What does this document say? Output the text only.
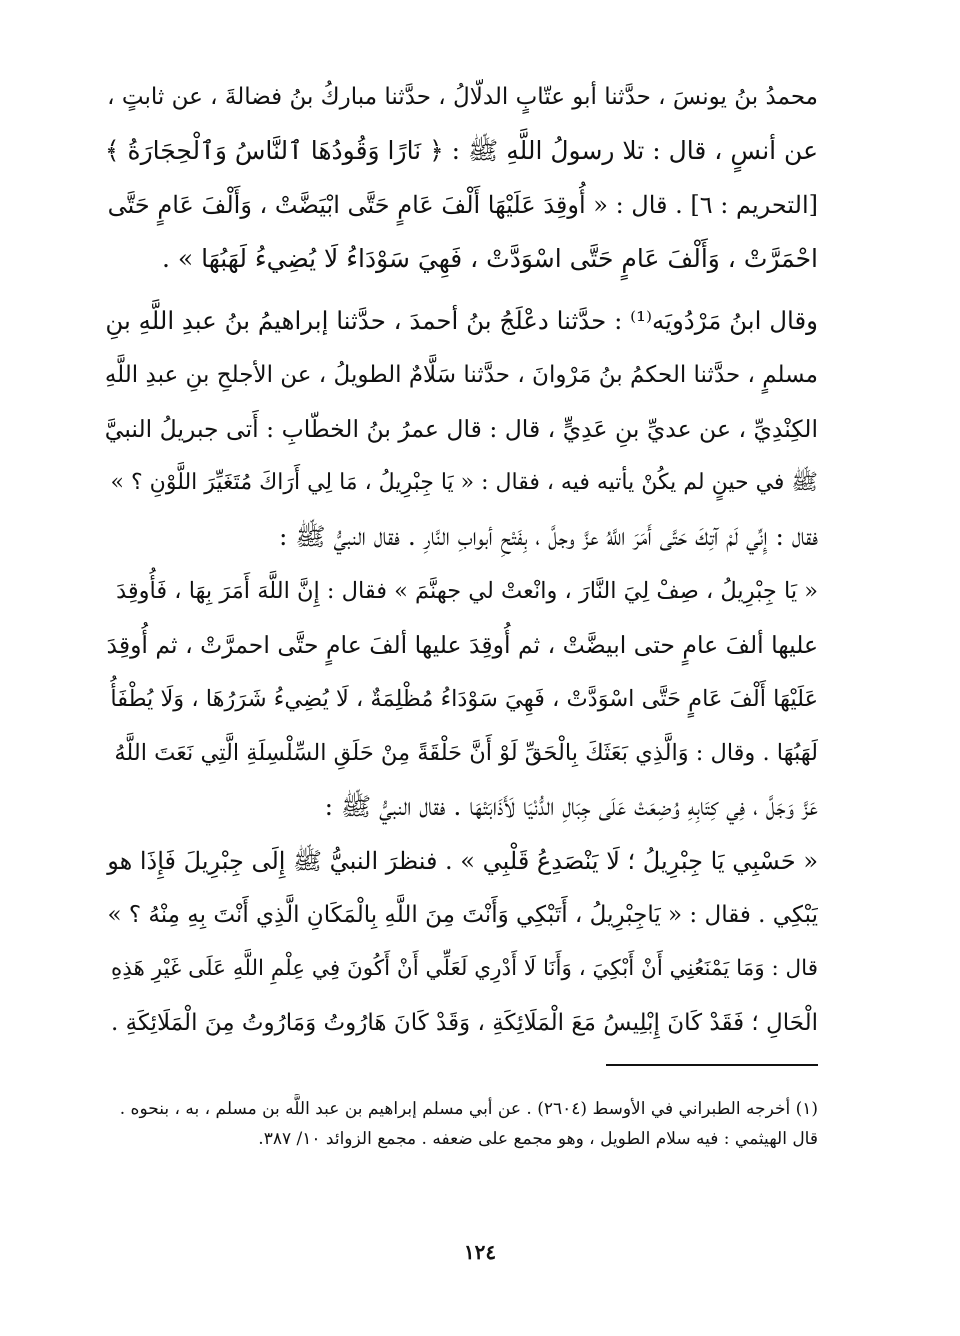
محمدُ بنُ يونسَ ، حدَّثنا أبو عتّابٍ الدلّالُ ، حدَّثنا مباركُ بنُ فضالةَ ، عن ثابتٍ ،
عن أنسٍ ، قال : تلا رسولُ اللَّهِ ﷺ : ﴿ نَارًا وَقُودُهَا ٱلنَّاسُ وَٱلْحِجَارَةُ ﴾
[التحريم : ٦] . قال : « أُوقِدَ عَلَيْهَا أَلْفَ عَامٍ حَتَّى ابْيَضَّتْ ، وَأَلْفَ عَامٍ حَتَّى
احْمَرَّتْ ، وَأَلْفَ عَامٍ حَتَّى اسْوَدَّتْ ، فَهِيَ سَوْدَاءُ لَا يُضِيءُ لَهَبُهَا » .
وقال ابنُ مَرْدُويَه⁽¹⁾ : حدَّثنا دعْلَجُ بنُ أحمدَ ، حدَّثنا إبراهيمُ بنُ عبدِ اللَّهِ بنِ
مسلمٍ ، حدَّثنا الحكمُ بنُ مَرْوانَ ، حدَّثنا سَلَّامٌ الطويلُ ، عن الأجلحِ بنِ عبدِ اللَّهِ
الكِنْدِيِّ ، عن عديِّ بنِ عَدِيٍّ ، قال : قال عمرُ بنُ الخطّابِ : أَتى جبريلُ النبيَّ
ﷺ في حينٍ لم يكُنْ يأتيه فيه ، فقال : « يَا جِبْرِيلُ ، مَا لِي أَرَاكَ مُتَغَيِّرَ اللَّوْنِ ؟ »
فقال : إِنِّي لَمْ آتِكَ حَتَّى أَمَرَ اللَّهُ عزَّ وجلَّ ، بِفَتْحِ أبوابِ النَّارِ . فقال النبيُّ ﷺ :
« يَا جِبْرِيلُ ، صِفْ لِيَ النَّارَ ، وانْعتْ لي جهنَّمَ » فقال : إِنَّ اللَّهَ أَمَرَ بِهَا ، فَأُوقِدَ
عليها ألفَ عامٍ حتى ابيضَّتْ ، ثم أُوقِدَ عليها ألفَ عامٍ حتَّى احمرَّتْ ، ثم أُوقِدَ
عَلَيْهَا أَلْفَ عَامٍ حَتَّى اسْوَدَّتْ ، فَهِيَ سَوْدَاءُ مُظْلِمَةٌ ، لَا يُضِيءُ شَرَرُهَا ، وَلَا يُطْفَأُ
لَهَبُهَا . وقال : وَالَّذِي بَعَثَكَ بِالْحَقِّ لَوْ أَنَّ حَلْقَةً مِنْ حَلَقِ السِّلْسِلَةِ الَّتِي نَعَتَ اللَّهُ
عَزَّ وَجَلَّ ، فِي كِتَابِهِ وُضِعَتْ عَلَى جِبَالِ الدُّنْيَا لَأَذَابَتْهَا . فقال النبيُّ ﷺ :
« حَسْبِي يَا جِبْرِيلُ ؛ لَا يَنْصَدِعُ قَلْبِي » . فنظرَ النبيُّ ﷺ إِلَى جِبْرِيلَ فَإِذَا هو
يَبْكِي . فقال : « يَاجِبْرِيلُ ، أَتَبْكِي وَأَنْتَ مِنَ اللَّهِ بِالْمَكَانِ الَّذِي أَنْتَ بِهِ مِنْهُ ؟ »
قال : وَمَا يَمْنَعُنِي أَنْ أَبْكِيَ ، وَأَنَا لَا أَدْرِي لَعَلِّي أَنْ أَكُونَ فِي عِلْمِ اللَّهِ عَلَى غَيْرِ هَذِهِ
الْحَالِ ؛ فَقَدْ كَانَ إِبْلِيسُ مَعَ الْمَلَائِكَةِ ، وَقَدْ كَانَ هَارُوتُ وَمَارُوتُ مِنَ الْمَلَائِكَةِ .
(١) أخرجه الطبراني في الأوسط (٢٦٠٤) . عن أبي مسلم إبراهيم بن عبد اللَّه بن مسلم ، به ، بنحوه .
قال الهيثمي : فيه سلام الطويل ، وهو مجمع على ضعفه . مجمع الزوائد ١٠/ ٣٨٧.
١٢٤
